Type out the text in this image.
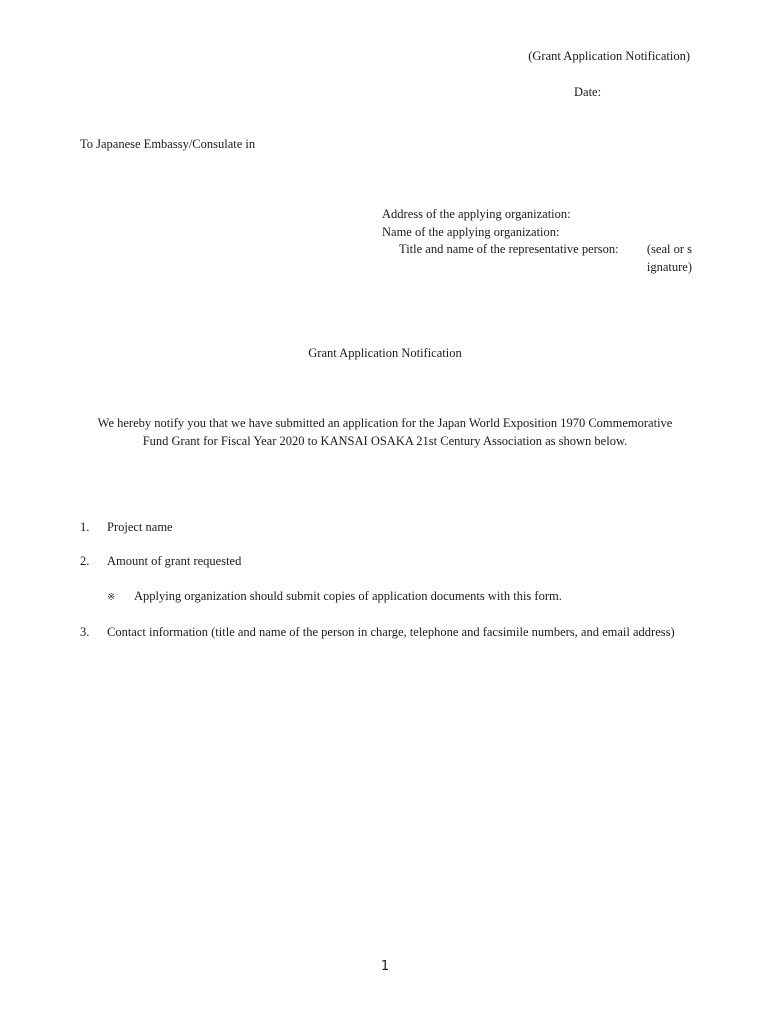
(Grant Application Notification)
Date:
To Japanese Embassy/Consulate in
Address of the applying organization:
Name of the applying organization:
Title and name of the representative person:	(seal or signature)
Grant Application Notification
We hereby notify you that we have submitted an application for the Japan World Exposition 1970 Commemorative Fund Grant for Fiscal Year 2020 to KANSAI OSAKA 21st Century Association as shown below.
1. Project name
2. Amount of grant requested
※ Applying organization should submit copies of application documents with this form.
3. Contact information (title and name of the person in charge, telephone and facsimile numbers, and email address)
1
